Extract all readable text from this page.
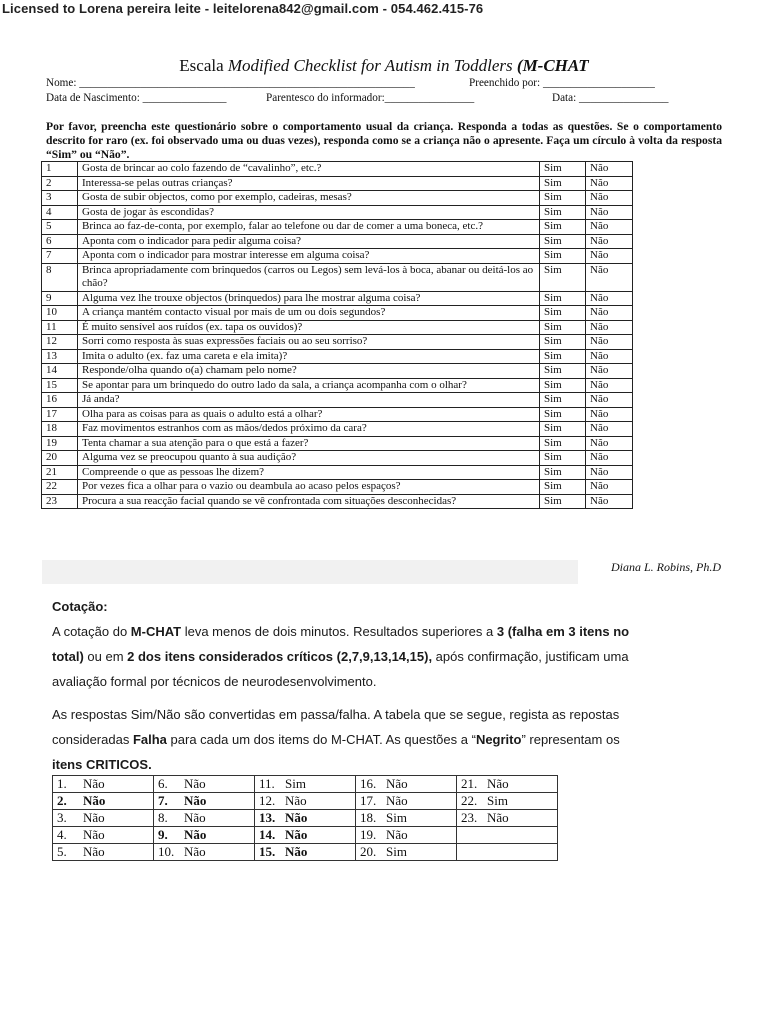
Licensed to Lorena pereira leite - leitelorena842@gmail.com - 054.462.415-76
Escala Modified Checklist for Autism in Toddlers (M-CHAT
Nome: ____________________________________________________________	Preenchido por: ____________________
Data de Nascimento: _______________	Parentesco do informador:________________	Data: ________________
Por favor, preencha este questionário sobre o comportamento usual da criança. Responda a todas as questões. Se o comportamento descrito for raro (ex. foi observado uma ou duas vezes), responda como se a criança não o apresente. Faça um círculo à volta da resposta “Sim” ou “Não”.
1	Gosta de brincar ao colo fazendo de “cavalinho”, etc.?	Sim	Não
2	Interessa-se pelas outras crianças?	Sim	Não
3	Gosta de subir objectos, como por exemplo, cadeiras, mesas?	Sim	Não
4	Gosta de jogar às escondidas?	Sim	Não
5	Brinca ao faz-de-conta, por exemplo, falar ao telefone ou dar de comer a uma boneca, etc.?	Sim	Não
6	Aponta com o indicador para pedir alguma coisa?	Sim	Não
7	Aponta com o indicador para mostrar interesse em alguma coisa?	Sim	Não
8	Brinca apropriadamente com brinquedos (carros ou Legos) sem levá-los à boca, abanar ou deitá-los ao chão?	Sim	Não
9	Alguma vez lhe trouxe objectos (brinquedos) para lhe mostrar alguma coisa?	Sim	Não
10	A criança mantém contacto visual por mais de um ou dois segundos?	Sim	Não
11	É muito sensível aos ruídos (ex. tapa os ouvidos)?	Sim	Não
12	Sorri como resposta às suas expressões faciais ou ao seu sorriso?	Sim	Não
13	Imita o adulto (ex. faz uma careta e ela imita)?	Sim	Não
14	Responde/olha quando o(a) chamam pelo nome?	Sim	Não
15	Se apontar para um brinquedo do outro lado da sala, a criança acompanha com o olhar?	Sim	Não
16	Já anda?	Sim	Não
17	Olha para as coisas para as quais o adulto está a olhar?	Sim	Não
18	Faz movimentos estranhos com as mãos/dedos próximo da cara?	Sim	Não
19	Tenta chamar a sua atenção para o que está a fazer?	Sim	Não
20	Alguma vez se preocupou quanto à sua audição?	Sim	Não
21	Compreende o que as pessoas lhe dizem?	Sim	Não
22	Por vezes fica a olhar para o vazio ou deambula ao acaso pelos espaços?	Sim	Não
23	Procura a sua reacção facial quando se vê confrontada com situações desconhecidas?	Sim	Não
Diana L. Robins, Ph.D

Cotação:

A cotação do M-CHAT leva menos de dois minutos. Resultados superiores a 3 (falha em 3 itens no total) ou em 2 dos itens considerados críticos (2,7,9,13,14,15), após confirmação, justificam uma avaliação formal por técnicos de neurodesenvolvimento.

As respostas Sim/Não são convertidas em passa/falha. A tabela que se segue, regista as repostas consideradas Falha para cada um dos items do M-CHAT. As questões a “Negrito” representam os itens CRITICOS.

1. Não	6. Não	11. Sim	16. Não	21. Não
2. Não	7. Não	12. Não	17. Não	22. Sim
3. Não	8. Não	13. Não	18. Sim	23. Não
4. Não	9. Não	14. Não	19. Não	
5. Não	10. Não	15. Não	20. Sim	
